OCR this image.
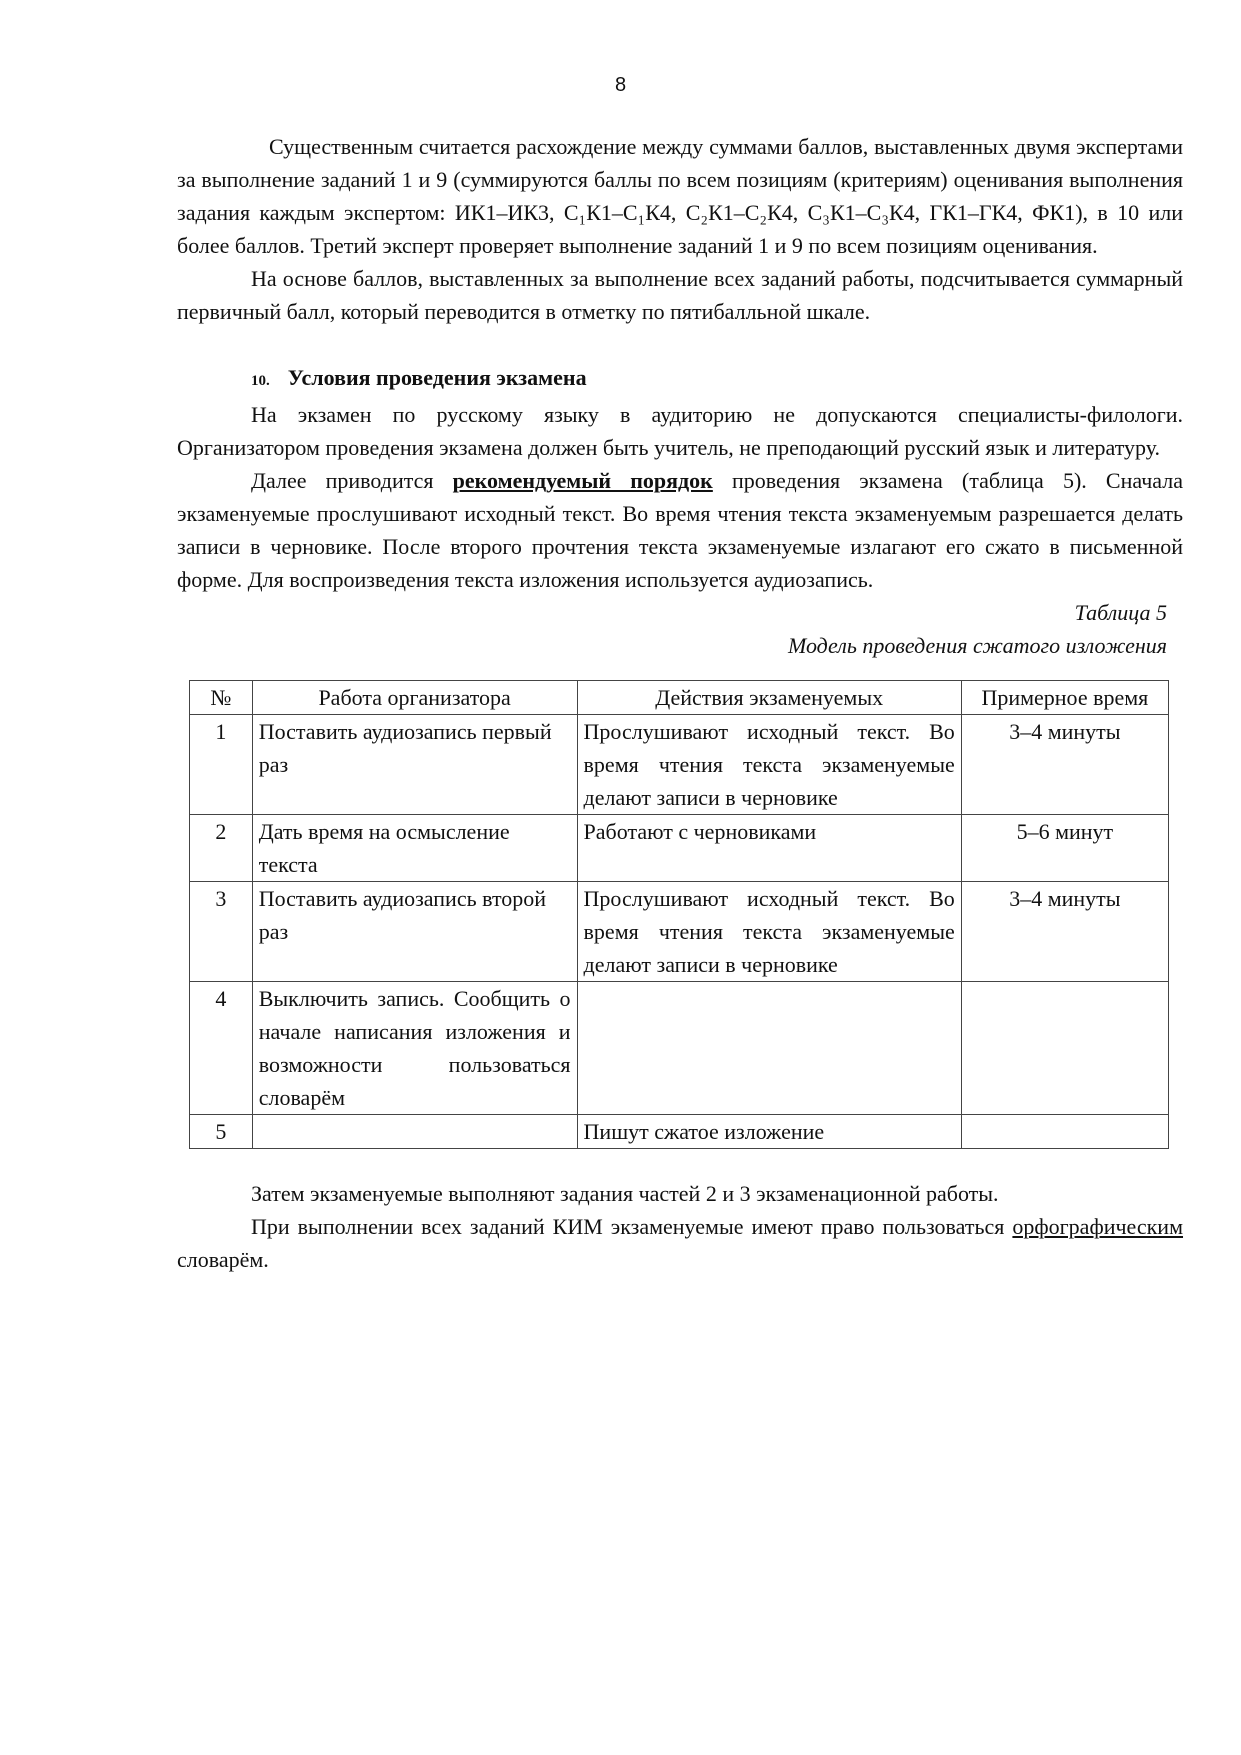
8

Существенным считается расхождение между суммами баллов, выставленных двумя экспертами за выполнение заданий 1 и 9 (суммируются баллы по всем позициям (критериям) оценивания выполнения задания каждым экспертом: ИК1–ИК3, С₁К1–С₁К4, С₂К1–С₂К4, С₃К1–С₃К4, ГК1–ГК4, ФК1), в 10 или более баллов. Третий эксперт проверяет выполнение заданий 1 и 9 по всем позициям оценивания.

На основе баллов, выставленных за выполнение всех заданий работы, подсчитывается суммарный первичный балл, который переводится в отметку по пятибалльной шкале.

10. Условия проведения экзамена

На экзамен по русскому языку в аудиторию не допускаются специалисты-филологи. Организатором проведения экзамена должен быть учитель, не преподающий русский язык и литературу.

Далее приводится рекомендуемый порядок проведения экзамена (таблица 5). Сначала экзаменуемые прослушивают исходный текст. Во время чтения текста экзаменуемым разрешается делать записи в черновике. После второго прочтения текста экзаменуемые излагают его сжато в письменной форме. Для воспроизведения текста изложения используется аудиозапись.

Таблица 5
Модель проведения сжатого изложения
№	Работа организатора	Действия экзаменуемых	Примерное время
1	Поставить аудиозапись первый раз	Прослушивают исходный текст. Во время чтения текста экзаменуемые делают записи в черновике	3–4 минуты
2	Дать время на осмысление текста	Работают с черновиками	5–6 минут
3	Поставить аудиозапись второй раз	Прослушивают исходный текст. Во время чтения текста экзаменуемые делают записи в черновике	3–4 минуты
4	Выключить запись. Сообщить о начале написания изложения и возможности пользоваться словарём		
5		Пишут сжатое изложение	

Затем экзаменуемые выполняют задания частей 2 и 3 экзаменационной работы.

При выполнении всех заданий КИМ экзаменуемые имеют право пользоваться орфографическим словарём.
